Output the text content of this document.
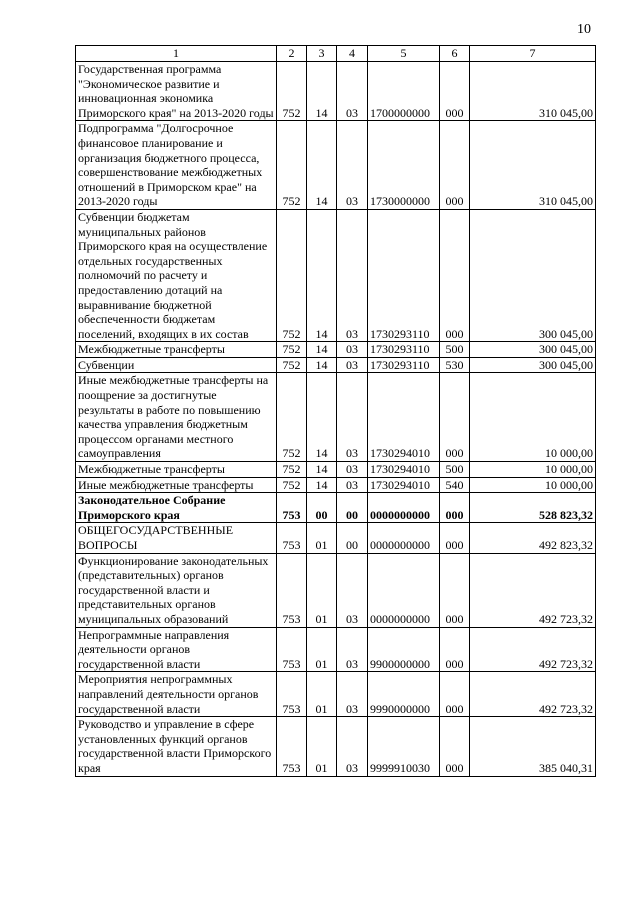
10
1	2	3	4	5	6	7
Государственная программа "Экономическое развитие и инновационная экономика Приморского края" на 2013-2020 годы	752	14	03	1700000000	000	310 045,00
Подпрограмма "Долгосрочное финансовое планирование и организация бюджетного процесса, совершенствование межбюджетных отношений в Приморском крае" на 2013-2020 годы	752	14	03	1730000000	000	310 045,00
Субвенции бюджетам муниципальных районов Приморского края на осуществление отдельных государственных полномочий по расчету и предоставлению дотаций на выравнивание бюджетной обеспеченности бюджетам поселений, входящих в их состав	752	14	03	1730293110	000	300 045,00
Межбюджетные трансферты	752	14	03	1730293110	500	300 045,00
Субвенции	752	14	03	1730293110	530	300 045,00
Иные межбюджетные трансферты на поощрение за достигнутые результаты в работе по повышению качества управления бюджетным процессом органами местного самоуправления	752	14	03	1730294010	000	10 000,00
Межбюджетные трансферты	752	14	03	1730294010	500	10 000,00
Иные межбюджетные трансферты	752	14	03	1730294010	540	10 000,00
Законодательное Собрание Приморского края	753	00	00	0000000000	000	528 823,32
ОБЩЕГОСУДАРСТВЕННЫЕ ВОПРОСЫ	753	01	00	0000000000	000	492 823,32
Функционирование законодательных (представительных) органов государственной власти и представительных органов муниципальных образований	753	01	03	0000000000	000	492 723,32
Непрограммные направления деятельности органов государственной власти	753	01	03	9900000000	000	492 723,32
Мероприятия непрограммных направлений деятельности органов государственной власти	753	01	03	9990000000	000	492 723,32
Руководство и управление в сфере установленных функций органов государственной власти Приморского края	753	01	03	9999910030	000	385 040,31
